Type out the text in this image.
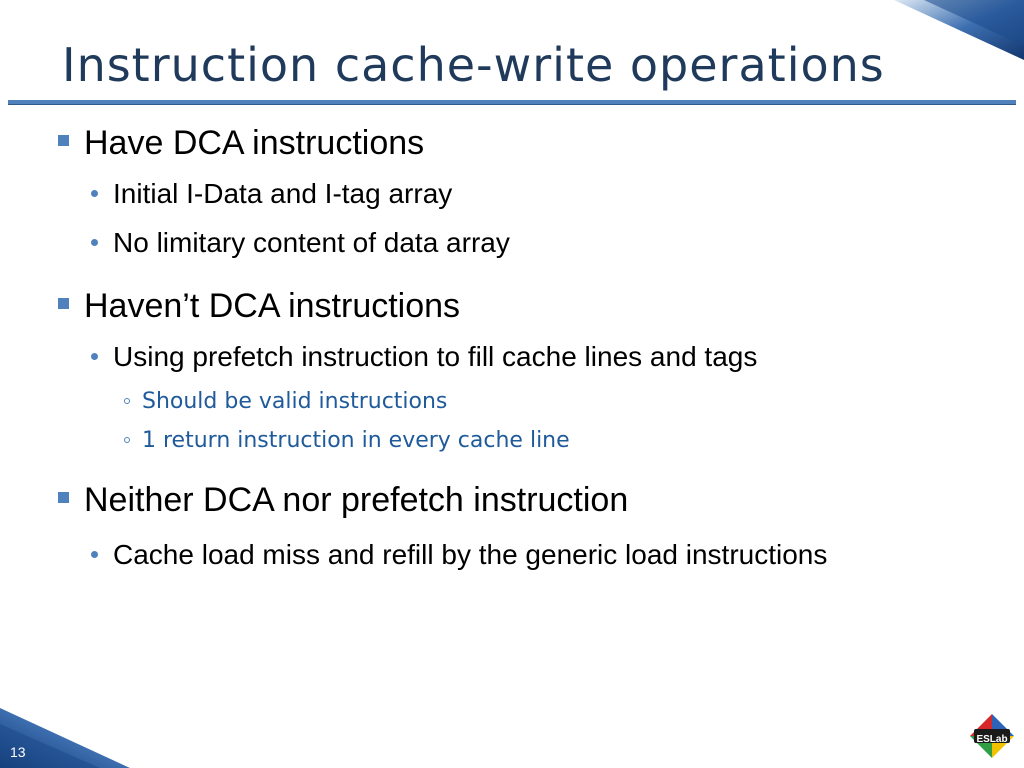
Instruction cache-write operations
Have DCA instructions
Initial I-Data and I-tag array
No limitary content of data array
Haven’t DCA instructions
Using prefetch instruction to fill cache lines and tags
Should be valid instructions
1 return instruction in every cache line
Neither DCA nor prefetch instruction
Cache load miss and refill by the generic load instructions
13
ESLab
